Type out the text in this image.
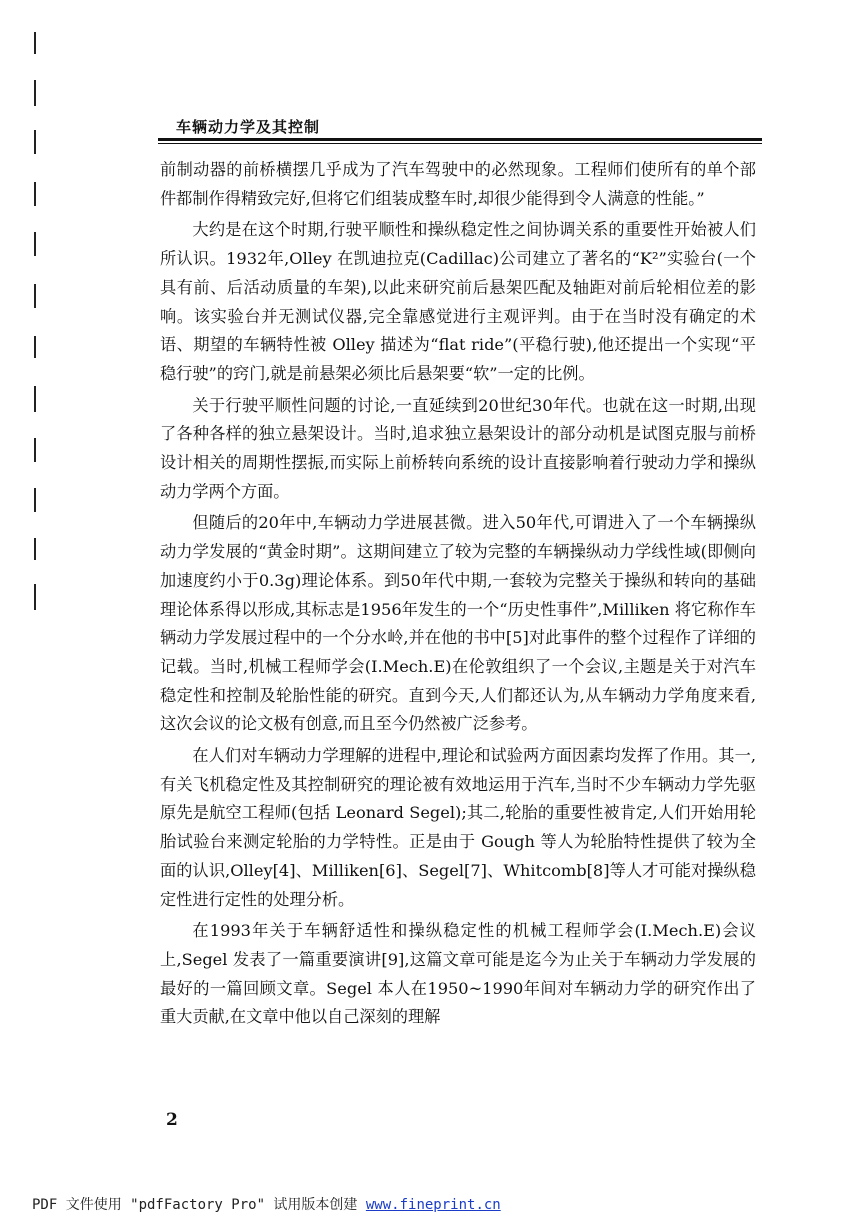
车辆动力学及其控制

前制动器的前桥横摆几乎成为了汽车驾驶中的必然现象。工程师们使所有的单个部件都制作得精致完好,但将它们组装成整车时,却很少能得到令人满意的性能。”

大约是在这个时期,行驶平顺性和操纵稳定性之间协调关系的重要性开始被人们所认识。1932年,Olley 在凯迪拉克(Cadillac)公司建立了著名的“K²”实验台(一个具有前、后活动质量的车架),以此来研究前后悬架匹配及轴距对前后轮相位差的影响。该实验台并无测试仪器,完全靠感觉进行主观评判。由于在当时没有确定的术语、期望的车辆特性被 Olley 描述为“flat ride”(平稳行驶),他还提出一个实现“平稳行驶”的窍门,就是前悬架必须比后悬架要“软”一定的比例。

关于行驶平顺性问题的讨论,一直延续到20世纪30年代。也就在这一时期,出现了各种各样的独立悬架设计。当时,追求独立悬架设计的部分动机是试图克服与前桥设计相关的周期性摆振,而实际上前桥转向系统的设计直接影响着行驶动力学和操纵动力学两个方面。

但随后的20年中,车辆动力学进展甚微。进入50年代,可谓进入了一个车辆操纵动力学发展的“黄金时期”。这期间建立了较为完整的车辆操纵动力学线性域(即侧向加速度约小于0.3g)理论体系。到50年代中期,一套较为完整关于操纵和转向的基础理论体系得以形成,其标志是1956年发生的一个“历史性事件”,Milliken 将它称作车辆动力学发展过程中的一个分水岭,并在他的书中[5]对此事件的整个过程作了详细的记载。当时,机械工程师学会(I.Mech.E)在伦敦组织了一个会议,主题是关于对汽车稳定性和控制及轮胎性能的研究。直到今天,人们都还认为,从车辆动力学角度来看,这次会议的论文极有创意,而且至今仍然被广泛参考。

在人们对车辆动力学理解的进程中,理论和试验两方面因素均发挥了作用。其一,有关飞机稳定性及其控制研究的理论被有效地运用于汽车,当时不少车辆动力学先驱原先是航空工程师(包括 Leonard Segel);其二,轮胎的重要性被肯定,人们开始用轮胎试验台来测定轮胎的力学特性。正是由于 Gough 等人为轮胎特性提供了较为全面的认识,Olley[4]、Milliken[6]、Segel[7]、Whitcomb[8]等人才可能对操纵稳定性进行定性的处理分析。

在1993年关于车辆舒适性和操纵稳定性的机械工程师学会(I.Mech.E)会议上,Segel 发表了一篇重要演讲[9],这篇文章可能是迄今为止关于车辆动力学发展的最好的一篇回顾文章。Segel 本人在1950~1990年间对车辆动力学的研究作出了重大贡献,在文章中他以自己深刻的理解

2
PDF 文件使用 "pdfFactory Pro" 试用版本创建 www.fineprint.cn
